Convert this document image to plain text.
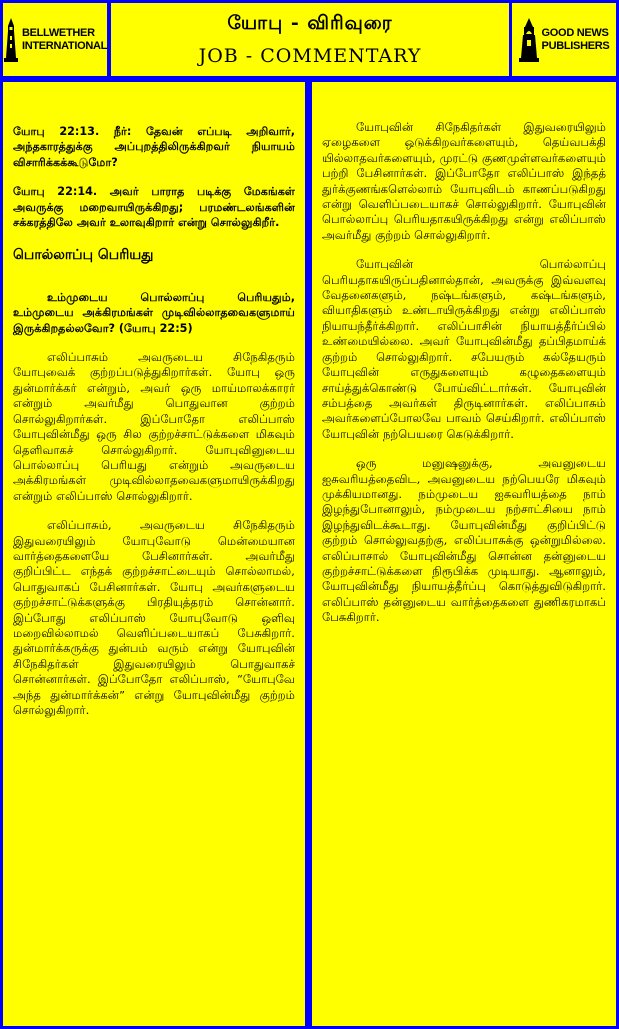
BELLWETHER
INTERNATIONAL
யோபு - விரிவுரை
JOB - COMMENTARY
GOOD NEWS
PUBLISHERS

யோபு 22:13. நீர்: தேவன் எப்படி அறிவார், அந்தகாரத்துக்கு அப்புறத்திலிருக்கிறவர் நியாயம் விசாரிக்கக்கூடுமோ?

யோபு 22:14. அவர் பாராத படிக்கு மேகங்கள் அவருக்கு மறைவாயிருக்கிறது; பரமண்டலங்களின் சக்கரத்திலே அவர் உலாவுகிறார் என்று சொல்லுகிறீர்.

பொல்லாப்பு பெரியது

உம்முடைய பொல்லாப்பு பெரியதும், உம்முடைய அக்கிரமங்கள் முடிவில்லாதவைகளுமாய் இருக்கிறதல்லவோ? (யோபு 22:5)

எலிப்பாசும் அவருடைய சிநேகிதரும் யோபுவைக் குற்றப்படுத்துகிறார்கள். யோபு ஒரு துன்மார்க்கர் என்றும், அவர் ஒரு மாய்மாலக்காரர் என்றும் அவர்மீது பொதுவான குற்றம் சொல்லுகிறார்கள். இப்போதோ எலிப்பாஸ் யோபுவின்மீது ஒரு சில குற்றச்சாட்டுக்களை மிகவும் தெளிவாகச் சொல்லுகிறார். யோபுவினுடைய பொல்லாப்பு பெரியது என்றும் அவருடைய அக்கிரமங்கள் முடிவில்லாதவைகளுமாயிருக்கிறது என்றும் எலிப்பாஸ் சொல்லுகிறார்.

எலிப்பாசும், அவருடைய சிநேகிதரும் இதுவரையிலும் யோபுவோடு மென்மையான வார்த்தைகளையே பேசினார்கள். அவர்மீது குறிப்பிட்ட எந்தக் குற்றச்சாட்டையும் சொல்லாமல், பொதுவாகப் பேசினார்கள். யோபு அவர்களுடைய குற்றச்சாட்டுக்களுக்கு பிரதியுத்தரம் சொன்னார். இப்போது எலிப்பாஸ் யோபுவோடு ஒளிவு மறைவில்லாமல் வெளிப்படையாகப் பேசுகிறார். துன்மார்க்கருக்கு துன்பம் வரும் என்று யோபுவின் சிநேகிதர்கள் இதுவரையிலும் பொதுவாகச் சொன்னார்கள். இப்போதோ எலிப்பாஸ், “யோபுவே அந்த துன்மார்க்கன்” என்று யோபுவின்மீது குற்றம் சொல்லுகிறார்.

யோபுவின் சிநேகிதர்கள் இதுவரையிலும் ஏழைகளை ஒடுக்கிறவர்களையும், தெய்வபக்தி யில்லாதவர்களையும், முரட்டு குணமுள்ளவர்களையும் பற்றி பேசினார்கள். இப்போதோ எலிப்பாஸ் இந்தத் துர்க்குணங்களெல்லாம் யோபுவிடம் காணப்படுகிறது என்று வெளிப்படையாகச் சொல்லுகிறார். யோபுவின் பொல்லாப்பு பெரியதாகயிருக்கிறது என்று எலிப்பாஸ் அவர்மீது குற்றம் சொல்லுகிறார்.

யோபுவின் பொல்லாப்பு பெரியதாகயிருப்பதினால்தான், அவருக்கு இவ்வளவு வேதனைகளும், நஷ்டங்களும், கஷ்டங்களும், வியாதிகளும் உண்டாயிருக்கிறது என்று எலிப்பாஸ் நியாயந்தீர்க்கிறார். எலிப்பாசின் நியாயத்தீர்ப்பில் உண்மையில்லை. அவர் யோபுவின்மீது தப்பிதமாய்க் குற்றம் சொல்லுகிறார். சபேயரும் கல்தேயரும் யோபுவின் எருதுகளையும் கழுதைகளையும் சாய்த்துக்கொண்டு போய்விட்டார்கள். யோபுவின் சம்பத்தை அவர்கள் திருடினார்கள். எலிப்பாசும் அவர்களைப்போலவே பாவம் செய்கிறார். எலிப்பாஸ் யோபுவின் நற்பெயரை கெடுக்கிறார்.

ஒரு மனுஷனுக்கு, அவனுடைய ஐசுவரியத்தைவிட, அவனுடைய நற்பெயரே மிகவும் முக்கியமானது. நம்முடைய ஐசுவரியத்தை நாம் இழந்துபோனாலும், நம்முடைய நற்சாட்சியை நாம் இழந்துவிடக்கூடாது. யோபுவின்மீது குறிப்பிட்டு குற்றம் சொல்லுவதற்கு, எலிப்பாசுக்கு ஒன்றுமில்லை. எலிப்பாசால் யோபுவின்மீது சொன்ன தன்னுடைய குற்றச்சாட்டுக்களை நிரூபிக்க முடியாது. ஆனாலும், யோபுவின்மீது நியாயத்தீர்ப்பு கொடுத்துவிடுகிறார். எலிப்பாஸ் தன்னுடைய வார்த்தைகளை துணிகரமாகப் பேசுகிறார்.
